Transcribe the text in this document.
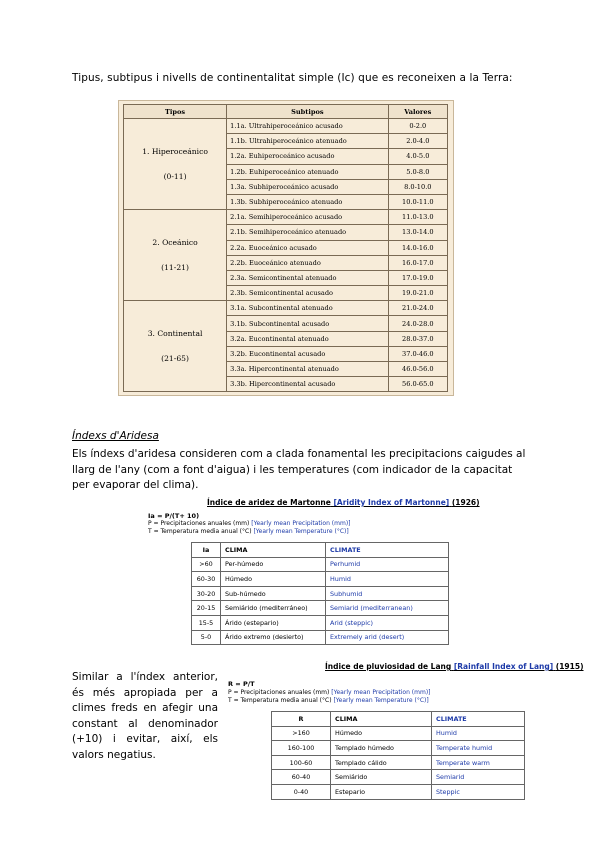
Tipus, subtipus i nivells de continentalitat simple (Ic) que es reconeixen a la Terra:
Tipos	Subtipos	Valores

1. Hiperoceánico
(0-11)	1.1a. Ultrahiperoceánico acusado	0-2.0
	1.1b. Ultrahiperoceánico atenuado	2.0-4.0
	1.2a. Euhiperoceánico acusado	4.0-5.0
	1.2b. Euhiperoceánico atenuado	5.0-8.0
	1.3a. Subhiperoceánico acusado	8.0-10.0
	1.3b. Subhiperoceánico atenuado	10.0-11.0

2. Oceánico
(11-21)	2.1a. Semihiperoceánico acusado	11.0-13.0
	2.1b. Semihiperoceánico atenuado	13.0-14.0
	2.2a. Euoceánico acusado	14.0-16.0
	2.2b. Euoceánico atenuado	16.0-17.0
	2.3a. Semicontinental atenuado	17.0-19.0
	2.3b. Semicontinental acusado	19.0-21.0

3. Continental
(21-65)	3.1a. Subcontinental atenuado	21.0-24.0
	3.1b. Subcontinental acusado	24.0-28.0
	3.2a. Eucontinental atenuado	28.0-37.0
	3.2b. Eucontinental acusado	37.0-46.0
	3.3a. Hipercontinental atenuado	46.0-56.0
	3.3b. Hipercontinental acusado	56.0-65.0
Índexs d'Aridesa
Els índexs d'aridesa consideren com a clada fonamental les precipitacions caigudes al llarg de l'any (com a font d'aigua) i les temperatures (com indicador de la capacitat per evaporar del clima).
Índice de aridez de Martonne [Aridity Index of Martonne] (1926)
Ia = P/(T+ 10)
P = Precipitaciones anuales (mm) [Yearly mean Precipitation (mm)]
T = Temperatura media anual (°C) [Yearly mean Temperature (°C)]
Ia	CLIMA	CLIMATE
>60	Per-húmedo	Perhumid
60-30	Húmedo	Humid
30-20	Sub-húmedo	Subhumid
20-15	Semiárido (mediterráneo)	Semiarid (mediterranean)
15-5	Árido (estepario)	Arid (steppic)
5-0	Árido extremo (desierto)	Extremely arid (desert)
Similar a l'índex anterior, és més apropiada per a climes freds en afegir una constant al denominador (+10) i evitar, així, els valors negatius.
Índice de pluviosidad de Lang [Rainfall Index of Lang] (1915)
R = P/T
P = Precipitaciones anuales (mm) [Yearly mean Precipitation (mm)]
T = Temperatura media anual (°C) [Yearly mean Temperature (°C)]
R	CLIMA	CLIMATE
>160	Húmedo	Humid
160-100	Templado húmedo	Temperate humid
100-60	Templado cálido	Temperate warm
60-40	Semiárido	Semiarid
0-40	Estepario	Steppic
